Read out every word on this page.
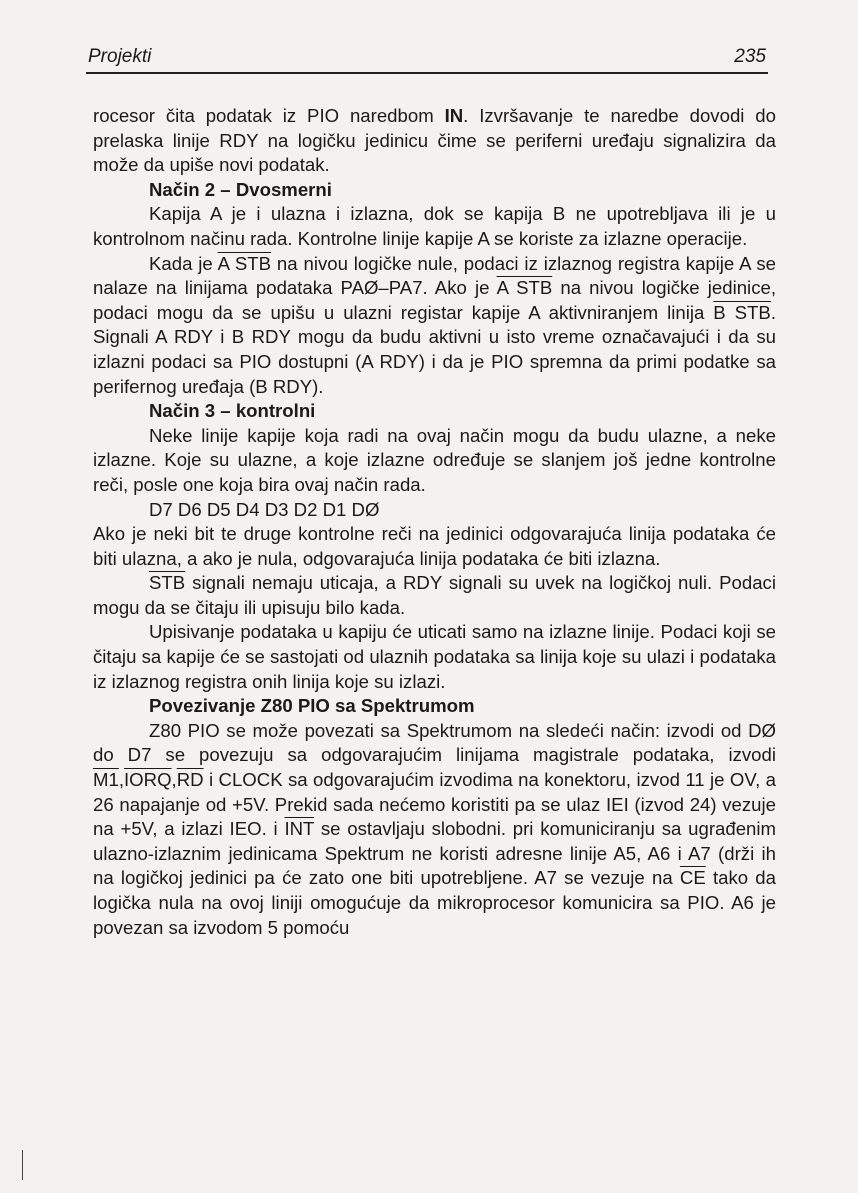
Projekti	235

rocesor čita podatak iz PIO naredbom IN. Izvršavanje te naredbe dovodi do prelaska linije RDY na logičku jedinicu čime se periferni uređaju signalizira da može da upiše novi podatak.

Način 2 – Dvosmerni

Kapija A je i ulazna i izlazna, dok se kapija B ne upotrebljava ili je u kontrolnom načinu rada. Kontrolne linije kapije A se koriste za izlazne operacije.

Kada je A STB na nivou logičke nule, podaci iz izlaznog registra kapije A se nalaze na linijama podataka PAØ–PA7. Ako je A STB na nivou logičke jedinice, podaci mogu da se upišu u ulazni registar kapije A aktivniranjem linija B STB. Signali A RDY i B RDY mogu da budu aktivni u isto vreme označavajući i da su izlazni podaci sa PIO dostupni (A RDY) i da je PIO spremna da primi podatke sa perifernog uređaja (B RDY).

Način 3 – kontrolni

Neke linije kapije koja radi na ovaj način mogu da budu ulazne, a neke izlazne. Koje su ulazne, a koje izlazne određuje se slanjem još jedne kontrolne reči, posle one koja bira ovaj način rada.

D7 D6 D5 D4 D3 D2 D1 DØ

Ako je neki bit te druge kontrolne reči na jedinici odgovarajuća linija podataka će biti ulazna, a ako je nula, odgovarajuća linija podataka će biti izlazna.

$\overline{STB}$ signali nemaju uticaja, a RDY signali su uvek na logičkoj nuli. Podaci mogu da se čitaju ili upisuju bilo kada.

Upisivanje podataka u kapiju će uticati samo na izlazne linije. Podaci koji se čitaju sa kapije će se sastojati od ulaznih podataka sa linija koje su ulazi i podataka iz izlaznog registra onih linija koje su izlazi.

Povezivanje Z80 PIO sa Spektrumom

Z80 PIO se može povezati sa Spektrumom na sledeći način: izvodi od DØ do D7 se povezuju sa odgovarajućim linijama magistrale podataka, izvodi $M1,IORQ,\overline{RD}$ i CLOCK sa odgovarajućim izvodima na konektoru, izvod 11 je OV, a 26 napajanje od +5V. Prekid sada nećemo koristiti pa se ulaz IEI (izvod 24) vezuje na +5V, a izlazi IEO. i $\overline{INT}$ se ostavljaju slobodni. pri komuniciranju sa ugrađenim ulazno-izlaznim jedinicama Spektrum ne koristi adresne linije A5, A6 i A7 (drži ih na logičkoj jedinici pa će zato one biti upotrebljene. A7 se vezuje na $\overline{CE}$ tako da logička nula na ovoj liniji omogućuje da mikroprocesor komunicira sa PIO. A6 je povezan sa izvodom 5 pomoću
